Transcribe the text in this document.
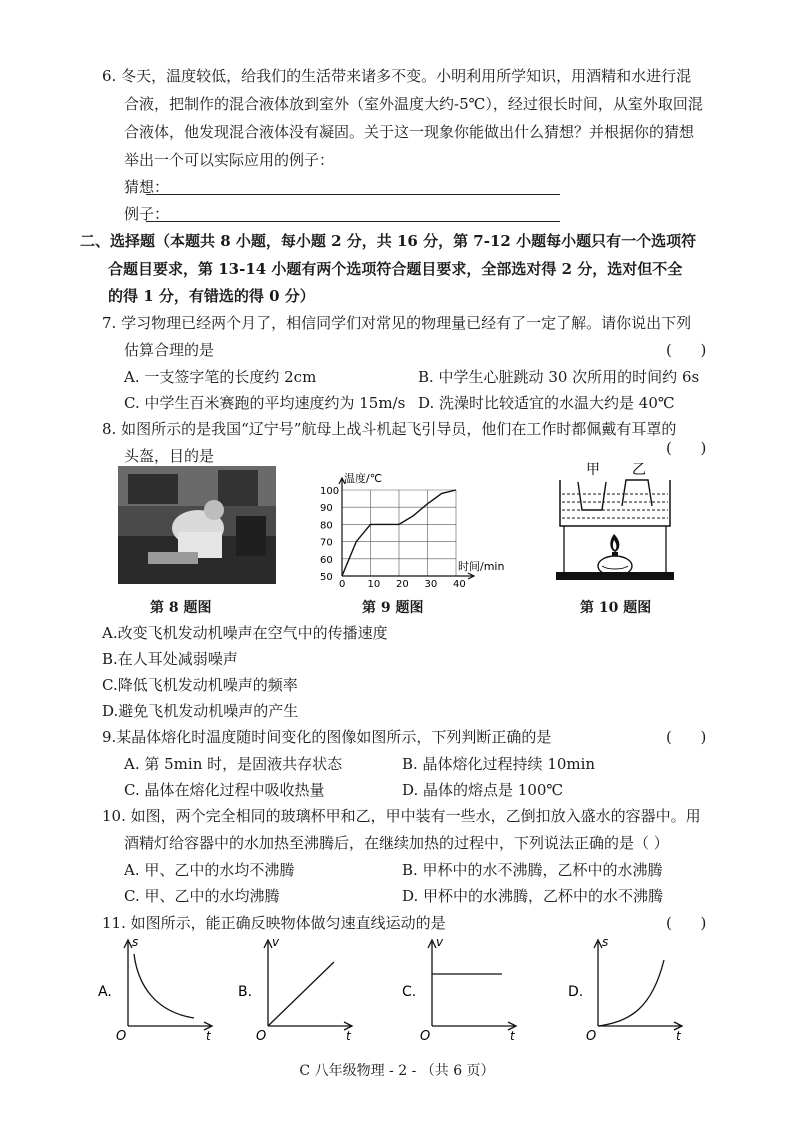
6. 冬天，温度较低，给我们的生活带来诸多不变。小明利用所学知识，用酒精和水进行混
合液，把制作的混合液体放到室外（室外温度大约-5℃），经过很长时间，从室外取回混
合液体，他发现混合液体没有凝固。关于这一现象你能做出什么猜想？并根据你的猜想
举出一个可以实际应用的例子：
猜想：
例子：
二、选择题（本题共 8 小题，每小题 2 分，共 16 分，第 7-12 小题每小题只有一个选项符
合题目要求，第 13-14 小题有两个选项符合题目要求，全部选对得 2 分，选对但不全
的得 1 分，有错选的得 0 分）
7. 学习物理已经两个月了，相信同学们对常见的物理量已经有了一定了解。请你说出下列
估算合理的是	(      )
A. 一支签字笔的长度约 2cm	B. 中学生心脏跳动 30 次所用的时间约 6s
C. 中学生百米赛跑的平均速度约为 15m/s D. 洗澡时比较适宜的水温大约是 40℃
8. 如图所示的是我国“辽宁号”航母上战斗机起飞引导员，他们在工作时都佩戴有耳罩的
头盔，目的是	(      )
第 8 题图
0 10 20 30 40
50
60
70
80
90
100
温度/℃
时间/min
第 9 题图
甲 乙
第 10 题图
A.改变飞机发动机噪声在空气中的传播速度
B.在人耳处减弱噪声
C.降低飞机发动机噪声的频率
D.避免飞机发动机噪声的产生
9.某晶体熔化时温度随时间变化的图像如图所示，下列判断正确的是	(      )
A. 第 5min 时，是固液共存状态	B. 晶体熔化过程持续 10min
C. 晶体在熔化过程中吸收热量	D. 晶体的熔点是 100℃
10. 如图，两个完全相同的玻璃杯甲和乙，甲中装有一些水，乙倒扣放入盛水的容器中。用
酒精灯给容器中的水加热至沸腾后，在继续加热的过程中，下列说法正确的是（ ）
A. 甲、乙中的水均不沸腾	B. 甲杯中的水不沸腾，乙杯中的水沸腾
C. 甲、乙中的水均沸腾	D. 甲杯中的水沸腾，乙杯中的水不沸腾
11. 如图所示，能正确反映物体做匀速直线运动的是	(      )
A.
s
t
O
B.
v
t
O
C.
v
t
O
D.
s
t
O
C 八年级物理 - 2 - （共 6 页）
